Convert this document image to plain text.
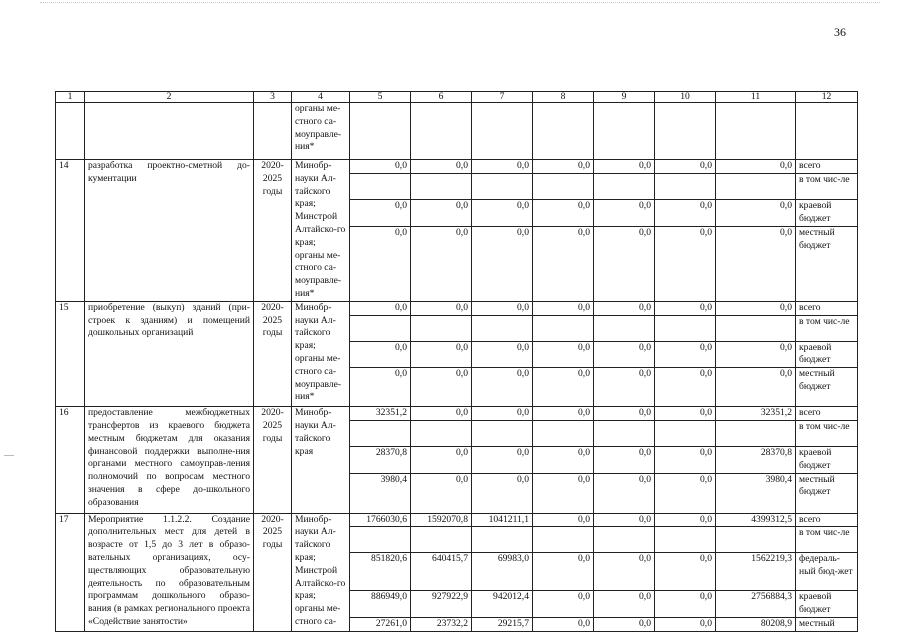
36
1	2	3	4	5	6	7	8	9	10	11	12
			органы ме-стного са-моуправле-ния*								
14	разработка проектно-сметной до-кументации	2020-2025 годы	Минобр-науки Ал-тайского края; Минстрой Алтайско-го края; органы ме-стного са-моуправле-ния*	0,0	0,0	0,0	0,0	0,0	0,0	0,0	всего
											в том чис-ле
				0,0	0,0	0,0	0,0	0,0	0,0	0,0	краевой бюджет
				0,0	0,0	0,0	0,0	0,0	0,0	0,0	местный бюджет
15	приобретение (выкуп) зданий (при-строек к зданиям) и помещений дошкольных организаций	2020-2025 годы	Минобр-науки Ал-тайского края; органы ме-стного са-моуправле-ния*	0,0	0,0	0,0	0,0	0,0	0,0	0,0	всего
											в том чис-ле
				0,0	0,0	0,0	0,0	0,0	0,0	0,0	краевой бюджет
				0,0	0,0	0,0	0,0	0,0	0,0	0,0	местный бюджет
16	предоставление межбюджетных трансфертов из краевого бюджета местным бюджетам для оказания финансовой поддержки выполне-ния органами местного самоуправ-ления полномочий по вопросам местного значения в сфере до-школьного образования	2020-2025 годы	Минобр-науки Ал-тайского края	32351,2	0,0	0,0	0,0	0,0	0,0	32351,2	всего
											в том чис-ле
				28370,8	0,0	0,0	0,0	0,0	0,0	28370,8	краевой бюджет
				3980,4	0,0	0,0	0,0	0,0	0,0	3980,4	местный бюджет
17	Мероприятие 1.1.2.2. Создание дополнительных мест для детей в возрасте от 1,5 до 3 лет в образо-вательных организациях, осу-ществляющих образовательную деятельность по образовательным программам дошкольного образо-вания (в рамках регионального проекта «Содействие занятости»	2020-2025 годы	Минобр-науки Ал-тайского края; Минстрой Алтайско-го края; органы ме-стного са-	1766030,6	1592070,8	1041211,1	0,0	0,0	0,0	4399312,5	всего
											в том чис-ле
				851820,6	640415,7	69983,0	0,0	0,0	0,0	1562219,3	федераль-ный бюд-жет
				886949,0	927922,9	942012,4	0,0	0,0	0,0	2756884,3	краевой бюджет
				27261,0	23732,2	29215,7	0,0	0,0	0,0	80208,9	местный
